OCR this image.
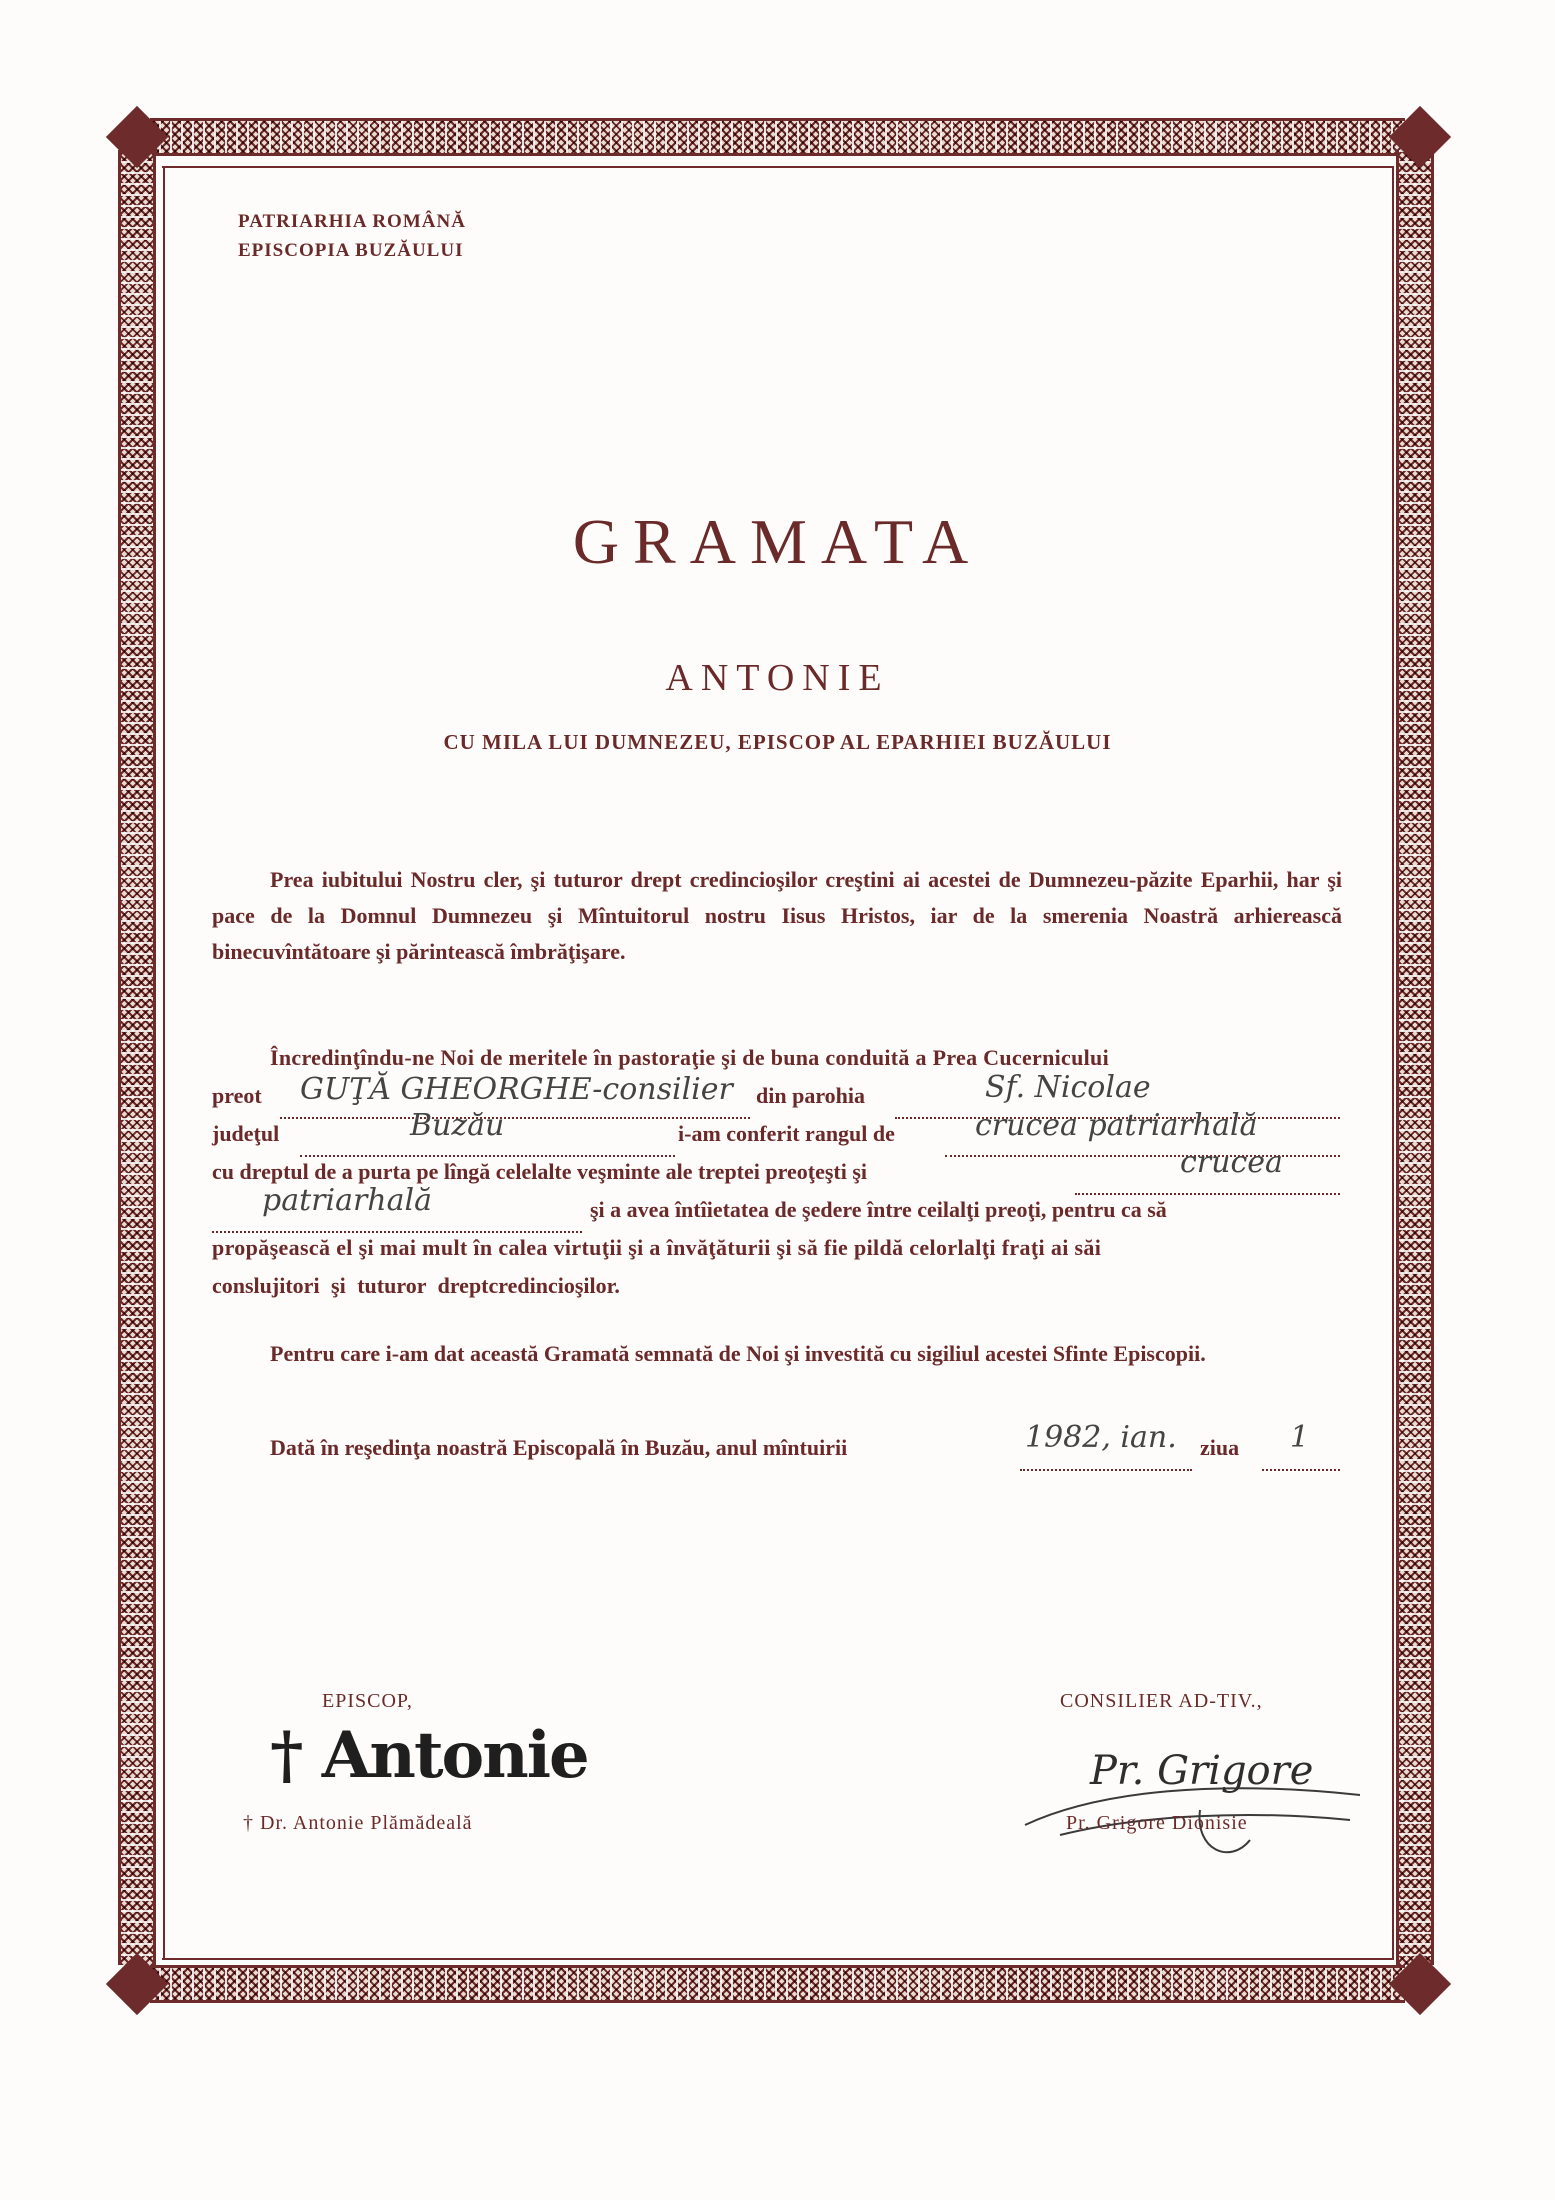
PATRIARHIA ROMÂNĂ
EPISCOPIA BUZĂULUI
GRAMATA
ANTONIE
CU MILA LUI DUMNEZEU, EPISCOP AL EPARHIEI BUZĂULUI
Prea iubitului Nostru cler, şi tuturor drept credincioşilor creştini ai acestei de Dumnezeu-păzite Eparhii, har şi pace de la Domnul Dumnezeu şi Mîntuitorul nostru Iisus Hristos, iar de la smerenia Noastră arhierească binecuvîntătoare şi părintească îmbrăţişare.
Încredinţîndu-ne Noi de meritele în pastoraţie şi de buna conduită a Prea Cucernicului
preot GUŢĂ GHEORGHE-consilier din parohia	Sf. Nicolae
judeţul	Buzău	i-am conferit rangul de	crucea patriarhală
cu dreptul de a purta pe lîngă celelalte veşminte ale treptei preoţeşti şi	crucea
patriarhală	şi a avea întîietatea de şedere între ceilalţi preoţi, pentru ca să
propăşească el şi mai mult în calea virtuţii şi a învăţăturii şi să fie pildă celorlalţi fraţi ai săi
conslujitori şi tuturor dreptcredincioşilor.
Pentru care i-am dat această Gramată semnată de Noi şi investită cu sigiliul acestei Sfinte Episcopii.
Dată în reşedinţa noastră Episcopală în Buzău, anul mîntuirii	1982, ian. ziua 1
EPISCOP,
† Antonie
† Dr. Antonie Plămădeală
CONSILIER AD-TIV.,
Pr. Grigore
Pr. Grigore Dionisie
